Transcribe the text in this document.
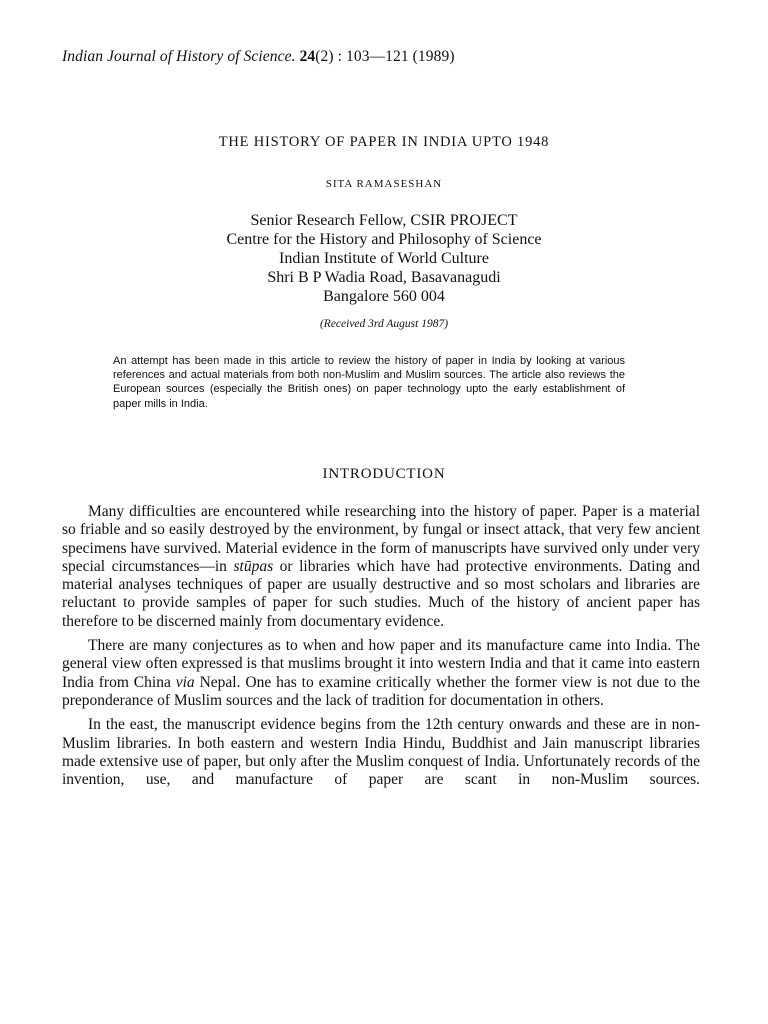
Indian Journal of History of Science. 24(2) : 103—121 (1989)
THE HISTORY OF PAPER IN INDIA UPTO 1948
SITA RAMASESHAN
Senior Research Fellow, CSIR PROJECT
Centre for the History and Philosophy of Science
Indian Institute of World Culture
Shri B P Wadia Road, Basavanagudi
Bangalore 560 004
(Received 3rd August 1987)
An attempt has been made in this article to review the history of paper in India by looking at various references and actual materials from both non-Muslim and Muslim sources. The article also reviews the European sources (especially the British ones) on paper technology upto the early establishment of paper mills in India.
INTRODUCTION

Many difficulties are encountered while researching into the history of paper. Paper is a material so friable and so easily destroyed by the environment, by fungal or insect attack, that very few ancient specimens have survived. Material evidence in the form of manuscripts have survived only under very special circumstances—in stūpas or libraries which have had protective environments. Dating and material analyses techniques of paper are usually destructive and so most scholars and libraries are reluctant to provide samples of paper for such studies. Much of the history of ancient paper has therefore to be discerned mainly from documentary evidence.

There are many conjectures as to when and how paper and its manufacture came into India. The general view often expressed is that muslims brought it into western India and that it came into eastern India from China via Nepal. One has to examine critically whether the former view is not due to the preponderance of Muslim sources and the lack of tradition for documentation in others.

In the east, the manuscript evidence begins from the 12th century onwards and these are in non-Muslim libraries. In both eastern and western India Hindu, Buddhist and Jain manuscript libraries made extensive use of paper, but only after the Muslim conquest of India. Unfortunately records of the invention, use, and manufacture of paper are scant in non-Muslim sources.
